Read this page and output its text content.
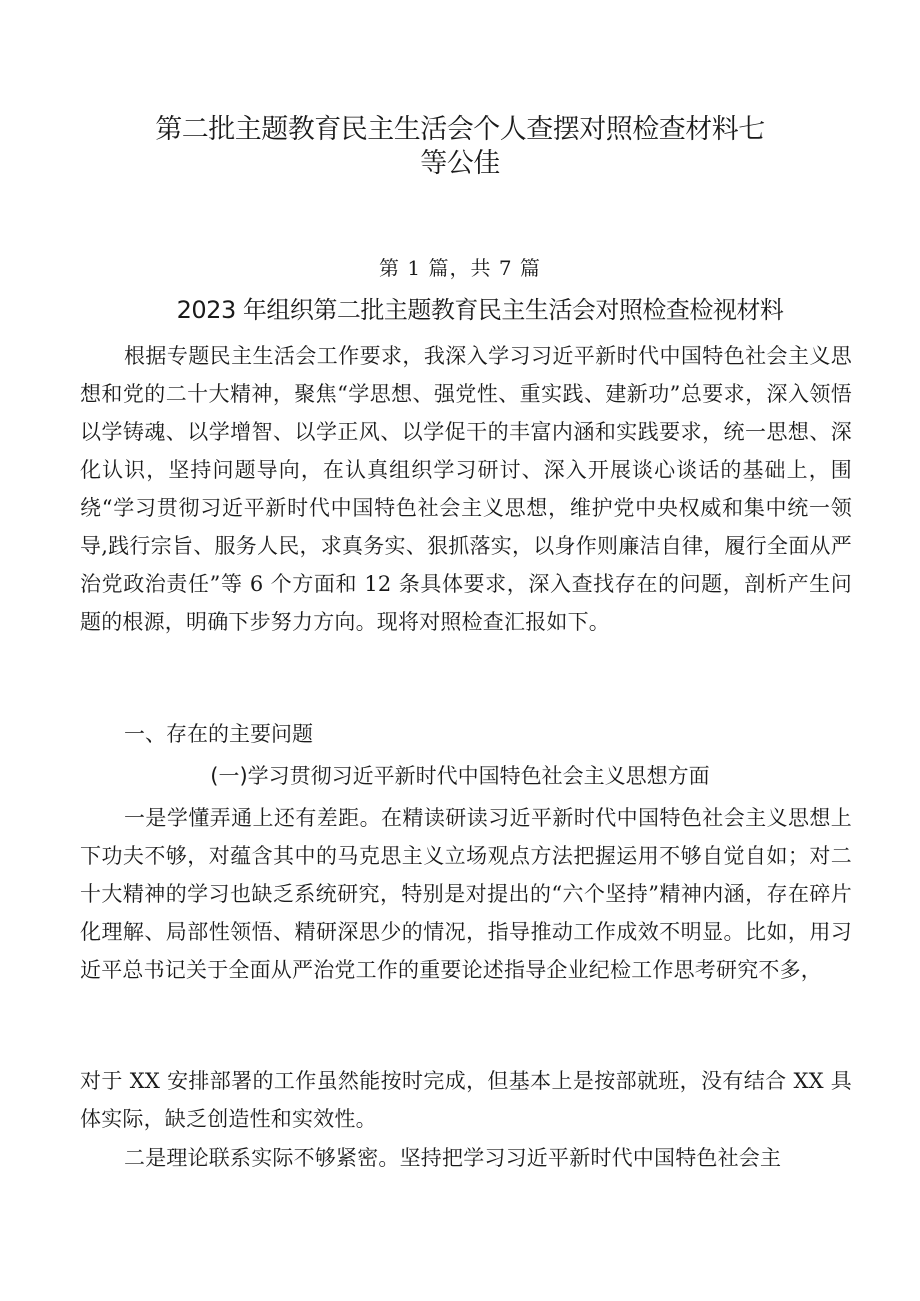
第二批主题教育民主生活会个人查摆对照检查材料七
等公佳
第 1 篇，共 7 篇
2023 年组织第二批主题教育民主生活会对照检查检视材料
根据专题民主生活会工作要求，我深入学习习近平新时代中国特色社会主义思想和党的二十大精神，聚焦“学思想、强党性、重实践、建新功”总要求，深入领悟以学铸魂、以学增智、以学正风、以学促干的丰富内涵和实践要求，统一思想、深化认识，坚持问题导向，在认真组织学习研讨、深入开展谈心谈话的基础上，围绕“学习贯彻习近平新时代中国特色社会主义思想，维护党中央权威和集中统一领导,践行宗旨、服务人民，求真务实、狠抓落实，以身作则廉洁自律，履行全面从严治党政治责任”等 6 个方面和 12 条具体要求，深入查找存在的问题，剖析产生问题的根源，明确下步努力方向。现将对照检查汇报如下。
一、存在的主要问题
(一)学习贯彻习近平新时代中国特色社会主义思想方面
一是学懂弄通上还有差距。在精读研读习近平新时代中国特色社会主义思想上下功夫不够，对蕴含其中的马克思主义立场观点方法把握运用不够自觉自如；对二十大精神的学习也缺乏系统研究，特别是对提出的“六个坚持”精神内涵，存在碎片化理解、局部性领悟、精研深思少的情况，指导推动工作成效不明显。比如，用习近平总书记关于全面从严治党工作的重要论述指导企业纪检工作思考研究不多，
对于 XX 安排部署的工作虽然能按时完成，但基本上是按部就班，没有结合 XX 具体实际，缺乏创造性和实效性。
二是理论联系实际不够紧密。坚持把学习习近平新时代中国特色社会主
